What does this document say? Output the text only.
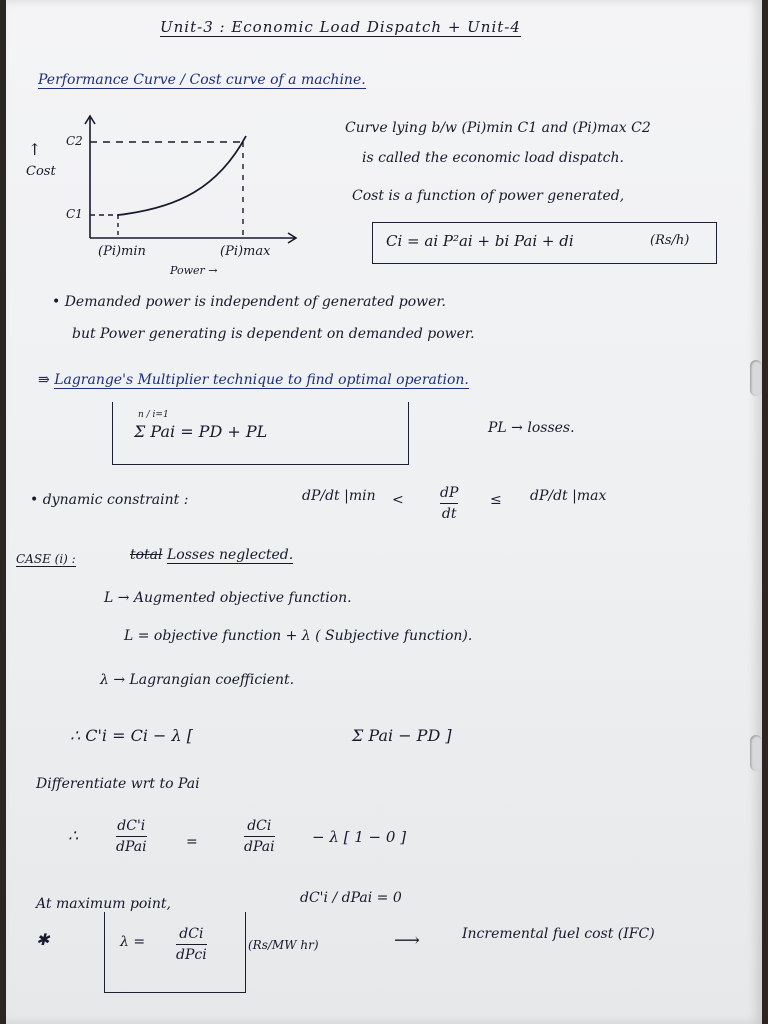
Unit-3 : Economic Load Dispatch + Unit-4
Performance Curve / Cost curve of a machine.
↑
Cost
C2
C1
(Pi)min	(Pi)max
Power →
Curve lying b/w (Pi)min C1 and (Pi)max C2
is called the economic load dispatch.
Cost is a function of power generated,
Ci = ai P²ai + bi Pai + di	(Rs/h)
• Demanded power is independent of generated power.
but Power generating is dependent on demanded power.
⇛ Lagrange's Multiplier technique to find optimal operation.
n / i=1
Σ Pai = PD + PL	PL → losses.
• dynamic constraint :	dP/dt |min <	dP
dt
≤ dP/dt |max
CASE (i) :	total Losses neglected.
L → Augmented objective function.
L = objective function + λ ( Subjective function).
λ → Lagrangian coefficient.
∴ C'i = Ci − λ [	Σ Pai − PD ]
Differentiate wrt to Pai
∴	dC'i
dPai	=
dCi
dPai
− λ [ 1 − 0 ]
At maximum point,	dC'i / dPai = 0
✱	λ = dCi
dPci
(Rs/MW hr)	⟶	Incremental fuel cost (IFC)
